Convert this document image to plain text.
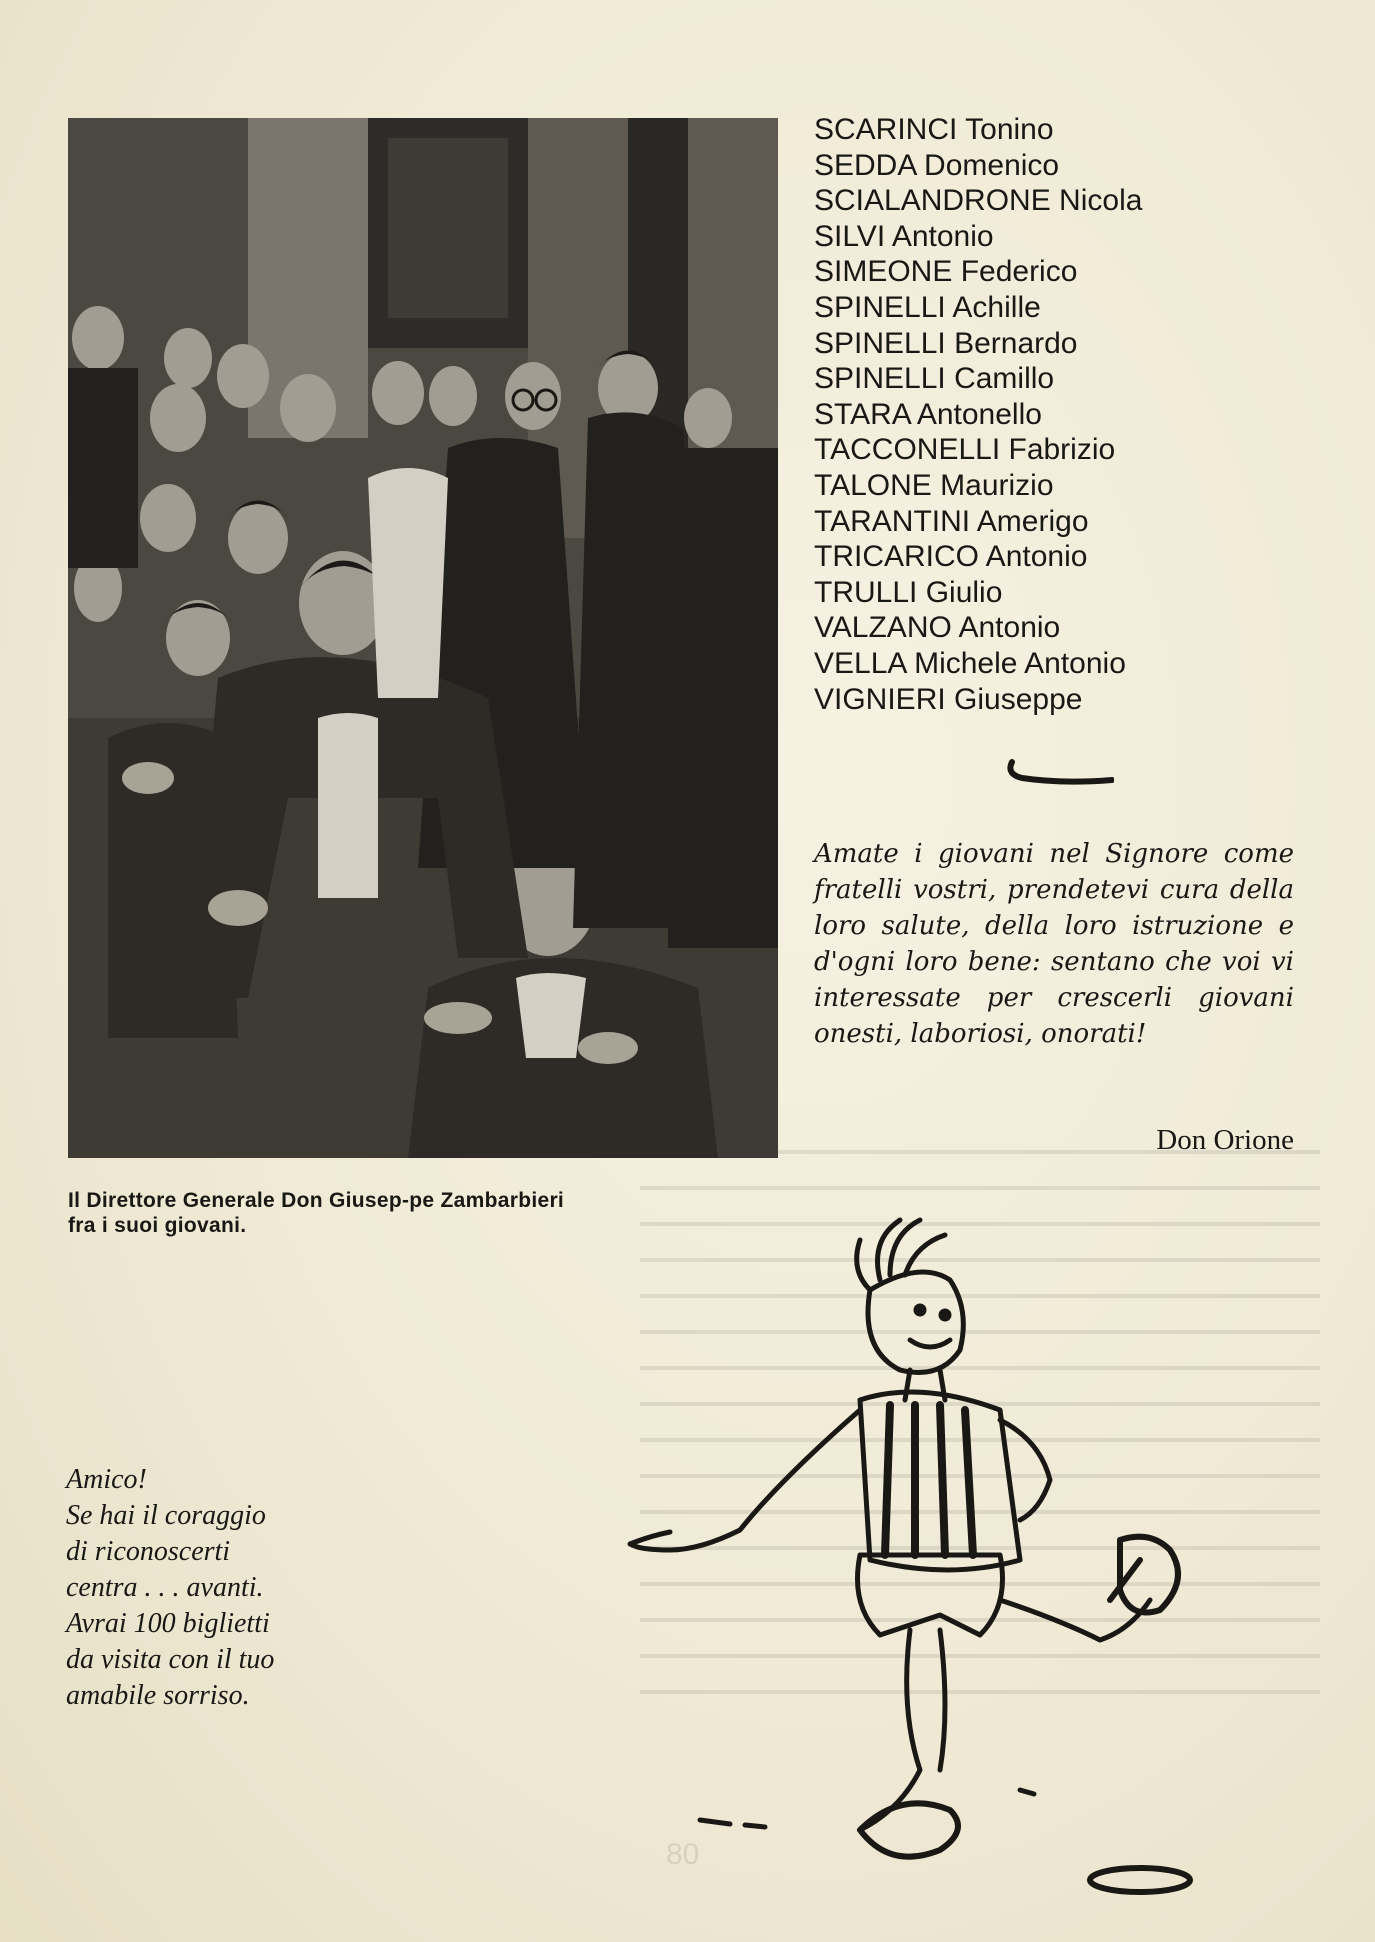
Il Direttore Generale Don Giusep-pe Zambarbieri fra i suoi giovani.
SCARINCI Tonino
SEDDA Domenico
SCIALANDRONE Nicola
SILVI Antonio
SIMEONE Federico
SPINELLI Achille
SPINELLI Bernardo
SPINELLI Camillo
STARA Antonello
TACCONELLI Fabrizio
TALONE Maurizio
TARANTINI Amerigo
TRICARICO Antonio
TRULLI Giulio
VALZANO Antonio
VELLA Michele Antonio
VIGNIERI Giuseppe
Amate i giovani nel Signore come fratelli vostri, prendetevi cura della loro salute, della loro istruzione e d'ogni loro bene: sentano che voi vi interessate per crescerli giovani onesti, laboriosi, onorati!
Don Orione
Amico!
Se hai il coraggio
di riconoscerti
centra . . . avanti.
Avrai 100 biglietti
da visita con il tuo
amabile sorriso.
80
